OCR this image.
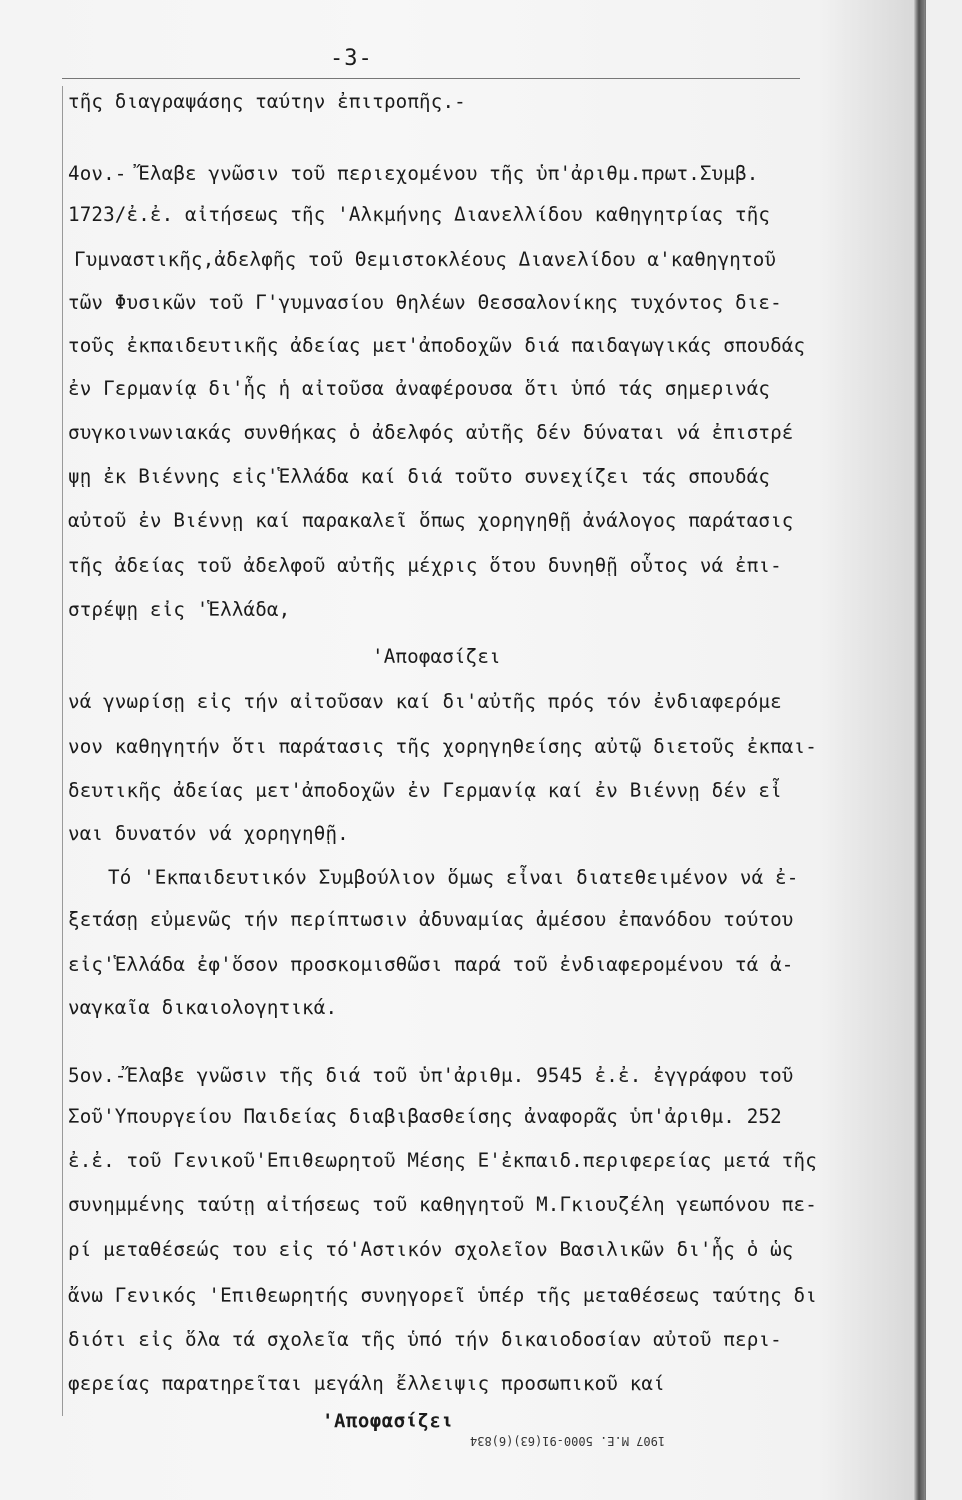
-3-
τῆς διαγραψάσης ταύτην ἐπιτροπῆς.-
4ον.- Ἔλαβε γνῶσιν τοῦ περιεχομένου τῆς ὑπ'ἀριθμ.πρωτ.Συμβ.
1723/ἐ.ἐ. αἰτήσεως τῆς 'Αλκμήνης Διανελλίδου καθηγητρίας τῆς
Γυμναστικῆς,ἀδελφῆς τοῦ Θεμιστοκλέους Διανελίδου α'καθηγητοῦ
τῶν Φυσικῶν τοῦ Γ'γυμνασίου θηλέων Θεσσαλονίκης τυχόντος διε-
τοῦς ἐκπαιδευτικῆς ἀδείας μετ'ἀποδοχῶν διά παιδαγωγικάς σπουδάς
ἐν Γερμανίᾳ δι'ἧς ἡ αἰτοῦσα ἀναφέρουσα ὅτι ὑπό τάς σημερινάς
συγκοινωνιακάς συνθήκας ὁ ἀδελφός αὐτῆς δέν δύναται νά ἐπιστρέ
ψῃ ἐκ Βιέννης εἰς'Ἑλλάδα καί διά τοῦτο συνεχίζει τάς σπουδάς
αὐτοῦ ἐν Βιέννῃ καί παρακαλεῖ ὅπως χορηγηθῇ ἀνάλογος παράτασις
τῆς ἀδείας τοῦ ἀδελφοῦ αὐτῆς μέχρις ὅτου δυνηθῇ οὗτος νά ἐπι-
στρέψῃ εἰς 'Ἑλλάδα,
'Αποφασίζει
νά γνωρίσῃ εἰς τήν αἰτοῦσαν καί δι'αὐτῆς πρός τόν ἐνδιαφερόμε
νον καθηγητήν ὅτι παράτασις τῆς χορηγηθείσης αὐτῷ διετοῦς ἐκπαι-
δευτικῆς ἀδείας μετ'ἀποδοχῶν ἐν Γερμανίᾳ καί ἐν Βιέννῃ δέν εἶ
ναι δυνατόν νά χορηγηθῇ.
Τό 'Εκπαιδευτικόν Συμβούλιον ὅμως εἶναι διατεθειμένον νά ἐ-
ξετάσῃ εὐμενῶς τήν περίπτωσιν ἀδυναμίας ἀμέσου ἐπανόδου τούτου
εἰς'Ἑλλάδα ἐφ'ὅσον προσκομισθῶσι παρά τοῦ ἐνδιαφερομένου τά ἀ-
ναγκαῖα δικαιολογητικά.
5ον.-Ἔλαβε γνῶσιν τῆς διά τοῦ ὑπ'ἀριθμ. 9545 ἐ.ἐ. ἐγγράφου τοῦ
Σοῦ'Υπουργείου Παιδείας διαβιβασθείσης ἀναφορᾶς ὑπ'ἀριθμ. 252
ἐ.ἐ. τοῦ Γενικοῦ'Επιθεωρητοῦ Μέσης Ε'ἐκπαιδ.περιφερείας μετά τῆς
συνημμένης ταύτῃ αἰτήσεως τοῦ καθηγητοῦ Μ.Γκιουζέλη γεωπόνου πε-
ρί μεταθέσεώς του εἰς τό'Αστικόν σχολεῖον Βασιλικῶν δι'ἧς ὁ ὡς
ἄνω Γενικός 'Επιθεωρητής συνηγορεῖ ὑπέρ τῆς μεταθέσεως ταύτης δι
διότι εἰς ὅλα τά σχολεῖα τῆς ὑπό τήν δικαιοδοσίαν αὐτοῦ περι-
φερείας παρατηρεῖται μεγάλη ἔλλειψις προσωπικοῦ καί
'Αποφασίζει
1907 Μ.Ε. 5000-91(63)(6)834
